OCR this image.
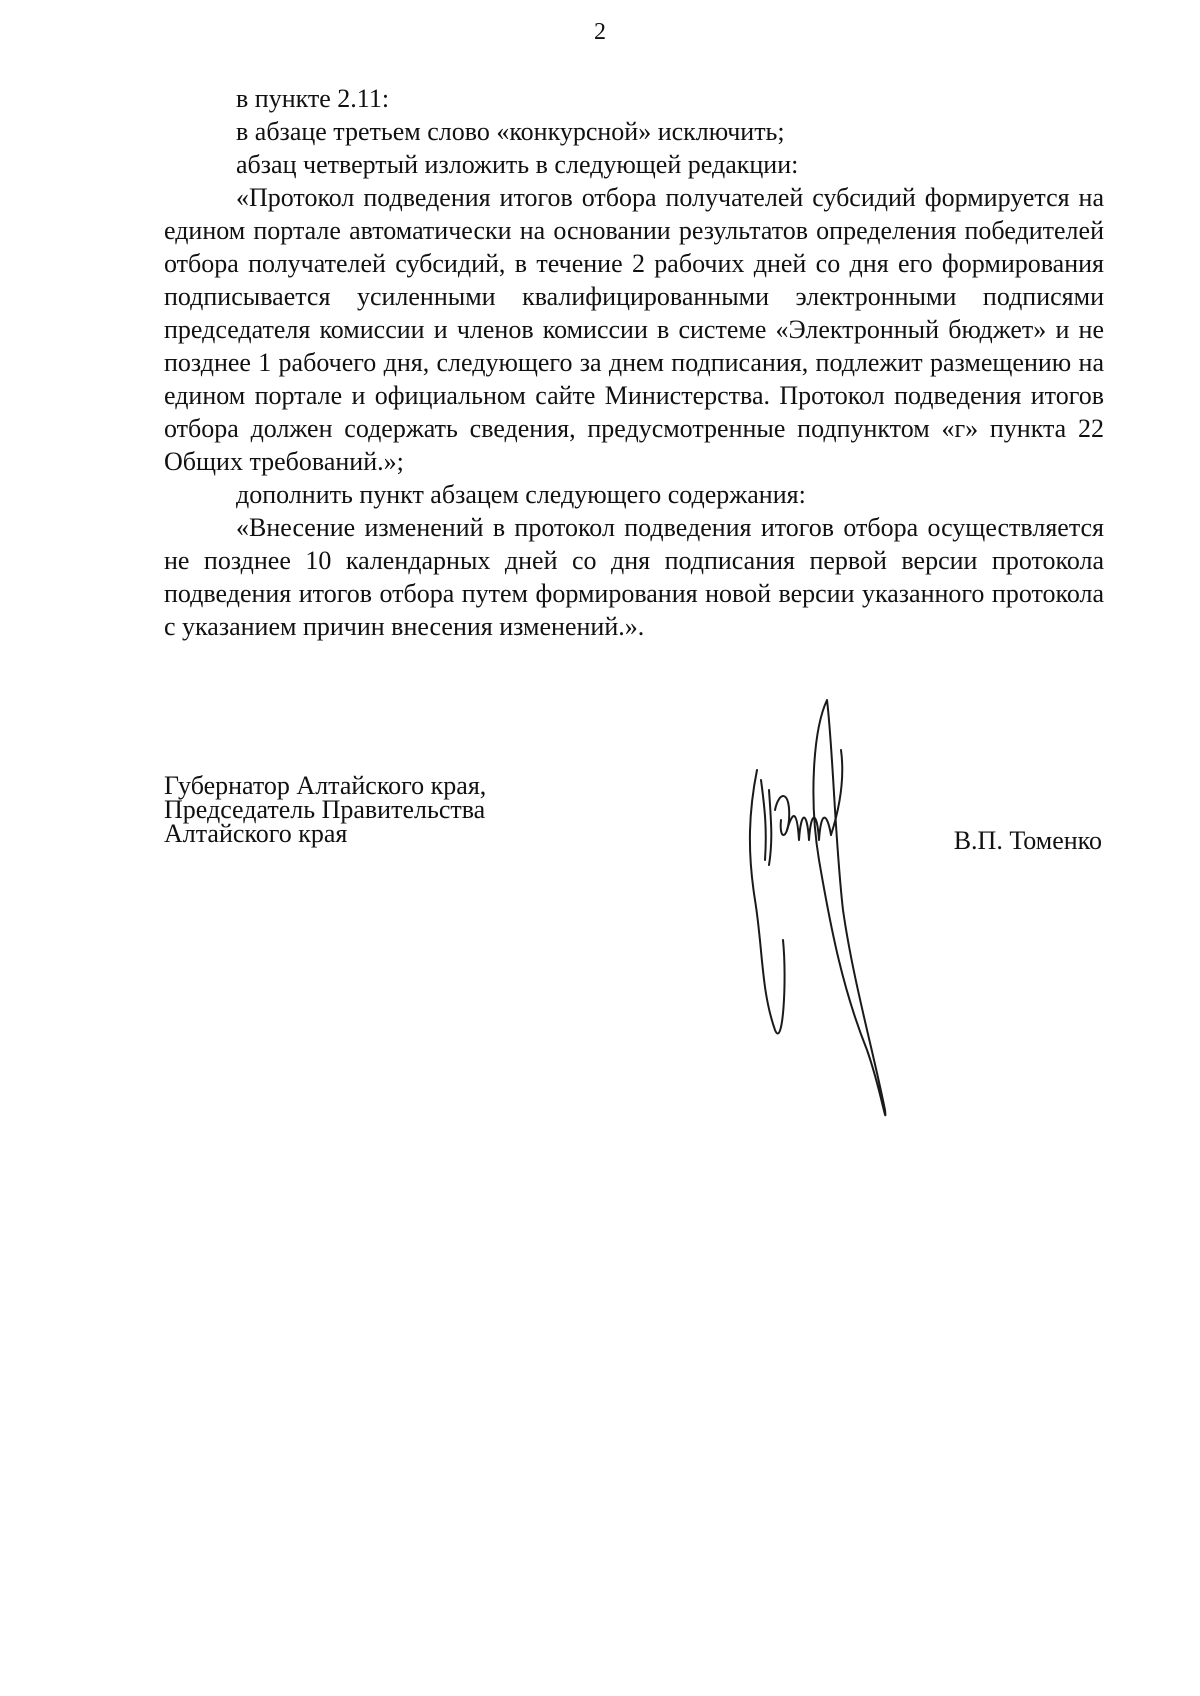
2

в пункте 2.11:

в абзаце третьем слово «конкурсной» исключить;

абзац четвертый изложить в следующей редакции:

«Протокол подведения итогов отбора получателей субсидий формируется на едином портале автоматически на основании результатов определения победителей отбора получателей субсидий, в течение 2 рабочих дней со дня его формирования подписывается усиленными квалифицированными электронными подписями председателя комиссии и членов комиссии в системе «Электронный бюджет» и не позднее 1 рабочего дня, следующего за днем подписания, подлежит размещению на едином портале и официальном сайте Министерства. Протокол подведения итогов отбора должен содержать сведения, предусмотренные подпунктом «г» пункта 22 Общих требований.»;

дополнить пункт абзацем следующего содержания:

«Внесение изменений в протокол подведения итогов отбора осуществляется не позднее 10 календарных дней со дня подписания первой версии протокола подведения итогов отбора путем формирования новой версии указанного протокола с указанием причин внесения изменений.».

Губернатор Алтайского края,
Председатель Правительства
Алтайского края	В.П. Томенко
